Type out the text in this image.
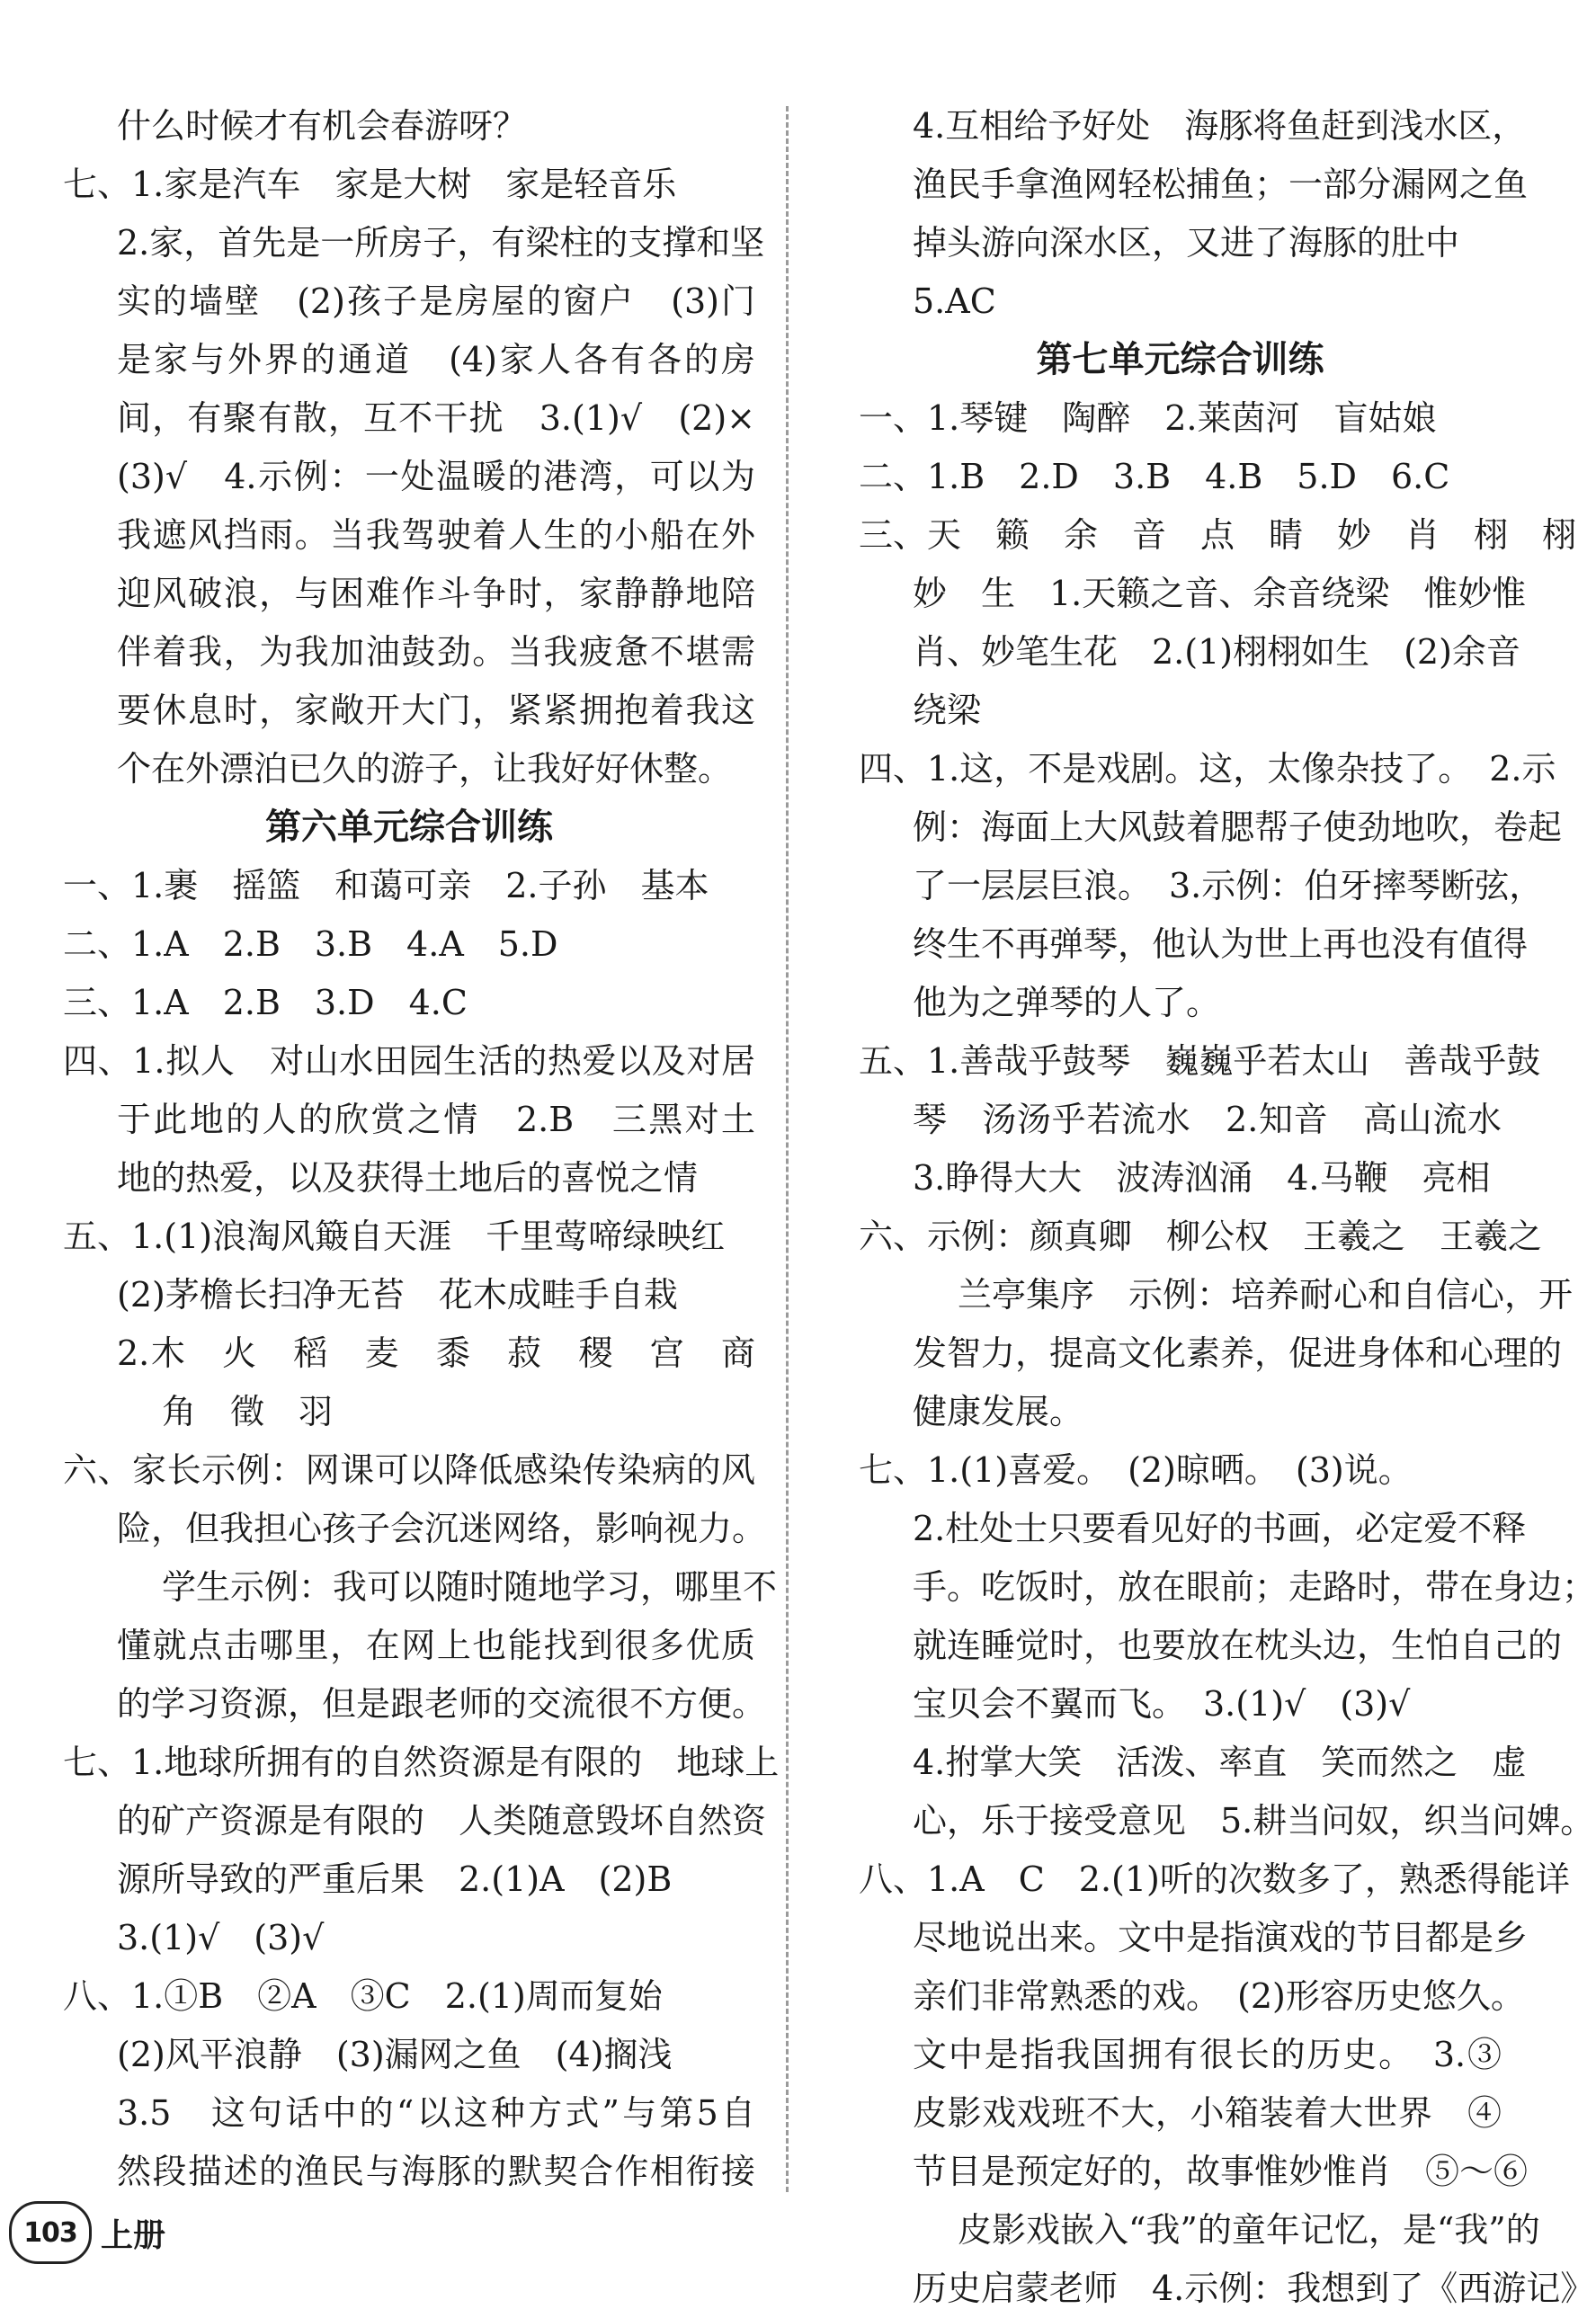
什么时候才有机会春游呀？
七、1.家是汽车　家是大树　家是轻音乐
2.家，首先是一所房子，有梁柱的支撑和坚
实的墙壁　(2)孩子是房屋的窗户　(3)门
是家与外界的通道　(4)家人各有各的房
间，有聚有散，互不干扰　3.(1)√　(2)×
(3)√　4.示例：一处温暖的港湾，可以为
我遮风挡雨。当我驾驶着人生的小船在外
迎风破浪，与困难作斗争时，家静静地陪
伴着我，为我加油鼓劲。当我疲惫不堪需
要休息时，家敞开大门，紧紧拥抱着我这
个在外漂泊已久的游子，让我好好休整。
第六单元综合训练
一、1.裹　摇篮　和蔼可亲　2.子孙　基本
二、1.A　2.B　3.B　4.A　5.D
三、1.A　2.B　3.D　4.C
四、1.拟人　对山水田园生活的热爱以及对居
于此地的人的欣赏之情　2.B　三黑对土
地的热爱，以及获得土地后的喜悦之情
五、1.(1)浪淘风簸自天涯　千里莺啼绿映红
(2)茅檐长扫净无苔　花木成畦手自栽
2.木　火　稻　麦　黍　菽　稷　宫　商
角　徵　羽
六、家长示例：网课可以降低感染传染病的风
险，但我担心孩子会沉迷网络，影响视力。
学生示例：我可以随时随地学习，哪里不
懂就点击哪里，在网上也能找到很多优质
的学习资源，但是跟老师的交流很不方便。
七、1.地球所拥有的自然资源是有限的　地球上
的矿产资源是有限的　人类随意毁坏自然资
源所导致的严重后果　2.(1)A　(2)B
3.(1)√　(3)√
八、1.①B　②A　③C　2.(1)周而复始
(2)风平浪静　(3)漏网之鱼　(4)搁浅
3.5　这句话中的“以这种方式”与第5自
然段描述的渔民与海豚的默契合作相衔接
4.互相给予好处　海豚将鱼赶到浅水区，
渔民手拿渔网轻松捕鱼；一部分漏网之鱼
掉头游向深水区，又进了海豚的肚中
5.AC
第七单元综合训练
一、1.琴键　陶醉　2.莱茵河　盲姑娘
二、1.B　2.D　3.B　4.B　5.D　6.C
三、天　籁　余　音　点　睛　妙　肖　栩　栩
妙　生　1.天籁之音、余音绕梁　惟妙惟
肖、妙笔生花　2.(1)栩栩如生　(2)余音
绕梁
四、1.这，不是戏剧。这，太像杂技了。　2.示
例：海面上大风鼓着腮帮子使劲地吹，卷起
了一层层巨浪。　3.示例：伯牙摔琴断弦，
终生不再弹琴，他认为世上再也没有值得
他为之弹琴的人了。
五、1.善哉乎鼓琴　巍巍乎若太山　善哉乎鼓
琴　汤汤乎若流水　2.知音　高山流水
3.睁得大大　波涛汹涌　4.马鞭　亮相
六、示例：颜真卿　柳公权　王羲之　王羲之
兰亭集序　示例：培养耐心和自信心，开
发智力，提高文化素养，促进身体和心理的
健康发展。
七、1.(1)喜爱。　(2)晾晒。　(3)说。
2.杜处士只要看见好的书画，必定爱不释
手。吃饭时，放在眼前；走路时，带在身边；
就连睡觉时，也要放在枕头边，生怕自己的
宝贝会不翼而飞。　3.(1)√　(3)√
4.拊掌大笑　活泼、率直　笑而然之　虚
心，乐于接受意见　5.耕当问奴，织当问婢。
八、1.A　C　2.(1)听的次数多了，熟悉得能详
尽地说出来。文中是指演戏的节目都是乡
亲们非常熟悉的戏。　(2)形容历史悠久。
文中是指我国拥有很长的历史。　3.③
皮影戏戏班不大，小箱装着大世界　④
节目是预定好的，故事惟妙惟肖　⑤～⑥
皮影戏嵌入“我”的童年记忆，是“我”的
历史启蒙老师　4.示例：我想到了《西游记》
103 上册
